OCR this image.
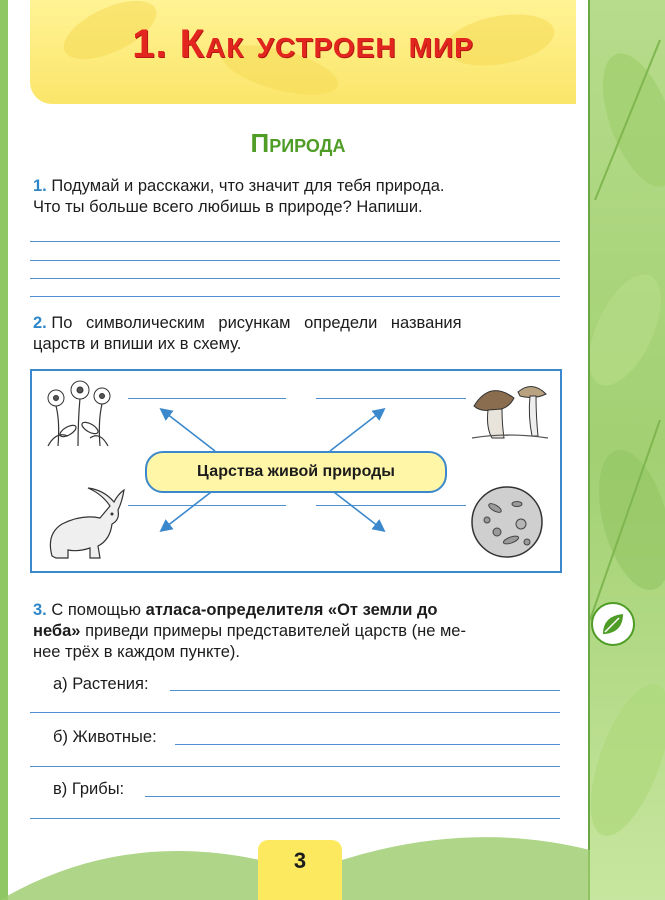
1. Как устроен мир
Природа
1. Подумай и расскажи, что значит для тебя природа.
Что ты больше всего любишь в природе? Напиши.
2. По символическим рисункам определи названия
царств и впиши их в схему.
Царства живой природы
3. С помощью атласа-определителя «От земли до
неба» приведи примеры представителей царств (не ме-
нее трёх в каждом пункте).
а) Растения:
б) Животные:
в) Грибы:
3
